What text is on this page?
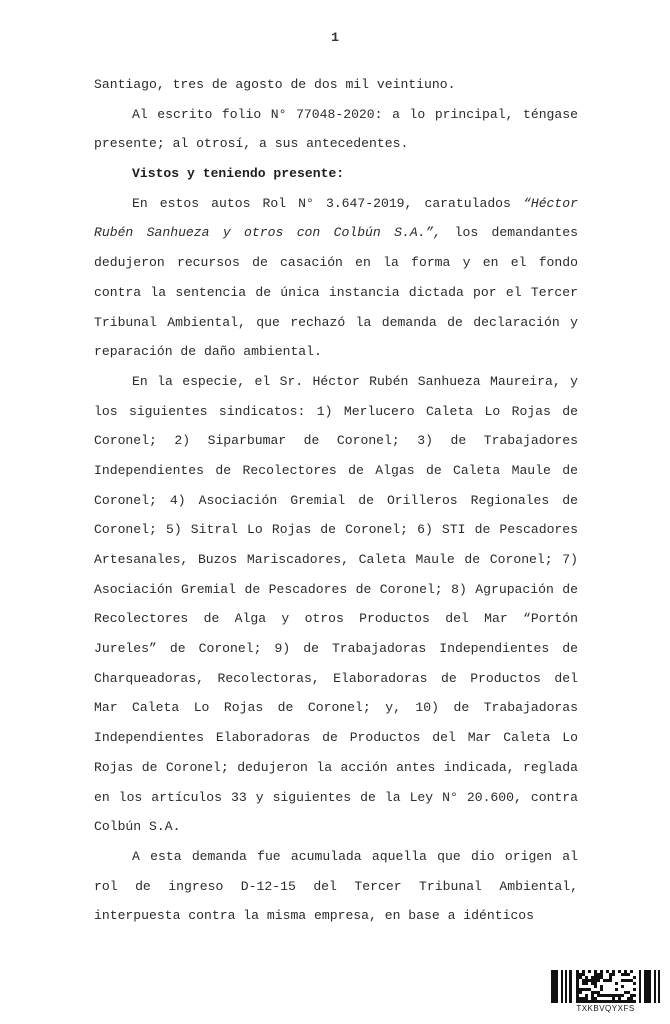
1
Santiago, tres de agosto de dos mil veintiuno.
Al escrito folio N° 77048-2020: a lo principal, téngase
presente; al otrosí, a sus antecedentes.
Vistos y teniendo presente:
En estos autos Rol N° 3.647-2019, caratulados “Héctor
Rubén Sanhueza y otros con Colbún S.A.”, los demandantes
dedujeron recursos de casación en la forma y en el fondo
contra la sentencia de única instancia dictada por el Tercer
Tribunal Ambiental, que rechazó la demanda de declaración y
reparación de daño ambiental.
En la especie, el Sr. Héctor Rubén Sanhueza Maureira, y
los siguientes sindicatos: 1) Merlucero Caleta Lo Rojas de
Coronel; 2) Siparbumar de Coronel; 3) de Trabajadores
Independientes de Recolectores de Algas de Caleta Maule de
Coronel; 4) Asociación Gremial de Orilleros Regionales de
Coronel; 5) Sitral Lo Rojas de Coronel; 6) STI de Pescadores
Artesanales, Buzos Mariscadores, Caleta Maule de Coronel; 7)
Asociación Gremial de Pescadores de Coronel; 8) Agrupación de
Recolectores de Alga y otros Productos del Mar “Portón
Jureles” de Coronel; 9) de Trabajadoras Independientes de
Charqueadoras, Recolectoras, Elaboradoras de Productos del
Mar Caleta Lo Rojas de Coronel; y, 10) de Trabajadoras
Independientes Elaboradoras de Productos del Mar Caleta Lo
Rojas de Coronel; dedujeron la acción antes indicada, reglada
en los artículos 33 y siguientes de la Ley N° 20.600, contra
Colbún S.A.
A esta demanda fue acumulada aquella que dio origen al
rol de ingreso D-12-15 del Tercer Tribunal Ambiental,
interpuesta contra la misma empresa, en base a idénticos
TXKBVQYXFS
